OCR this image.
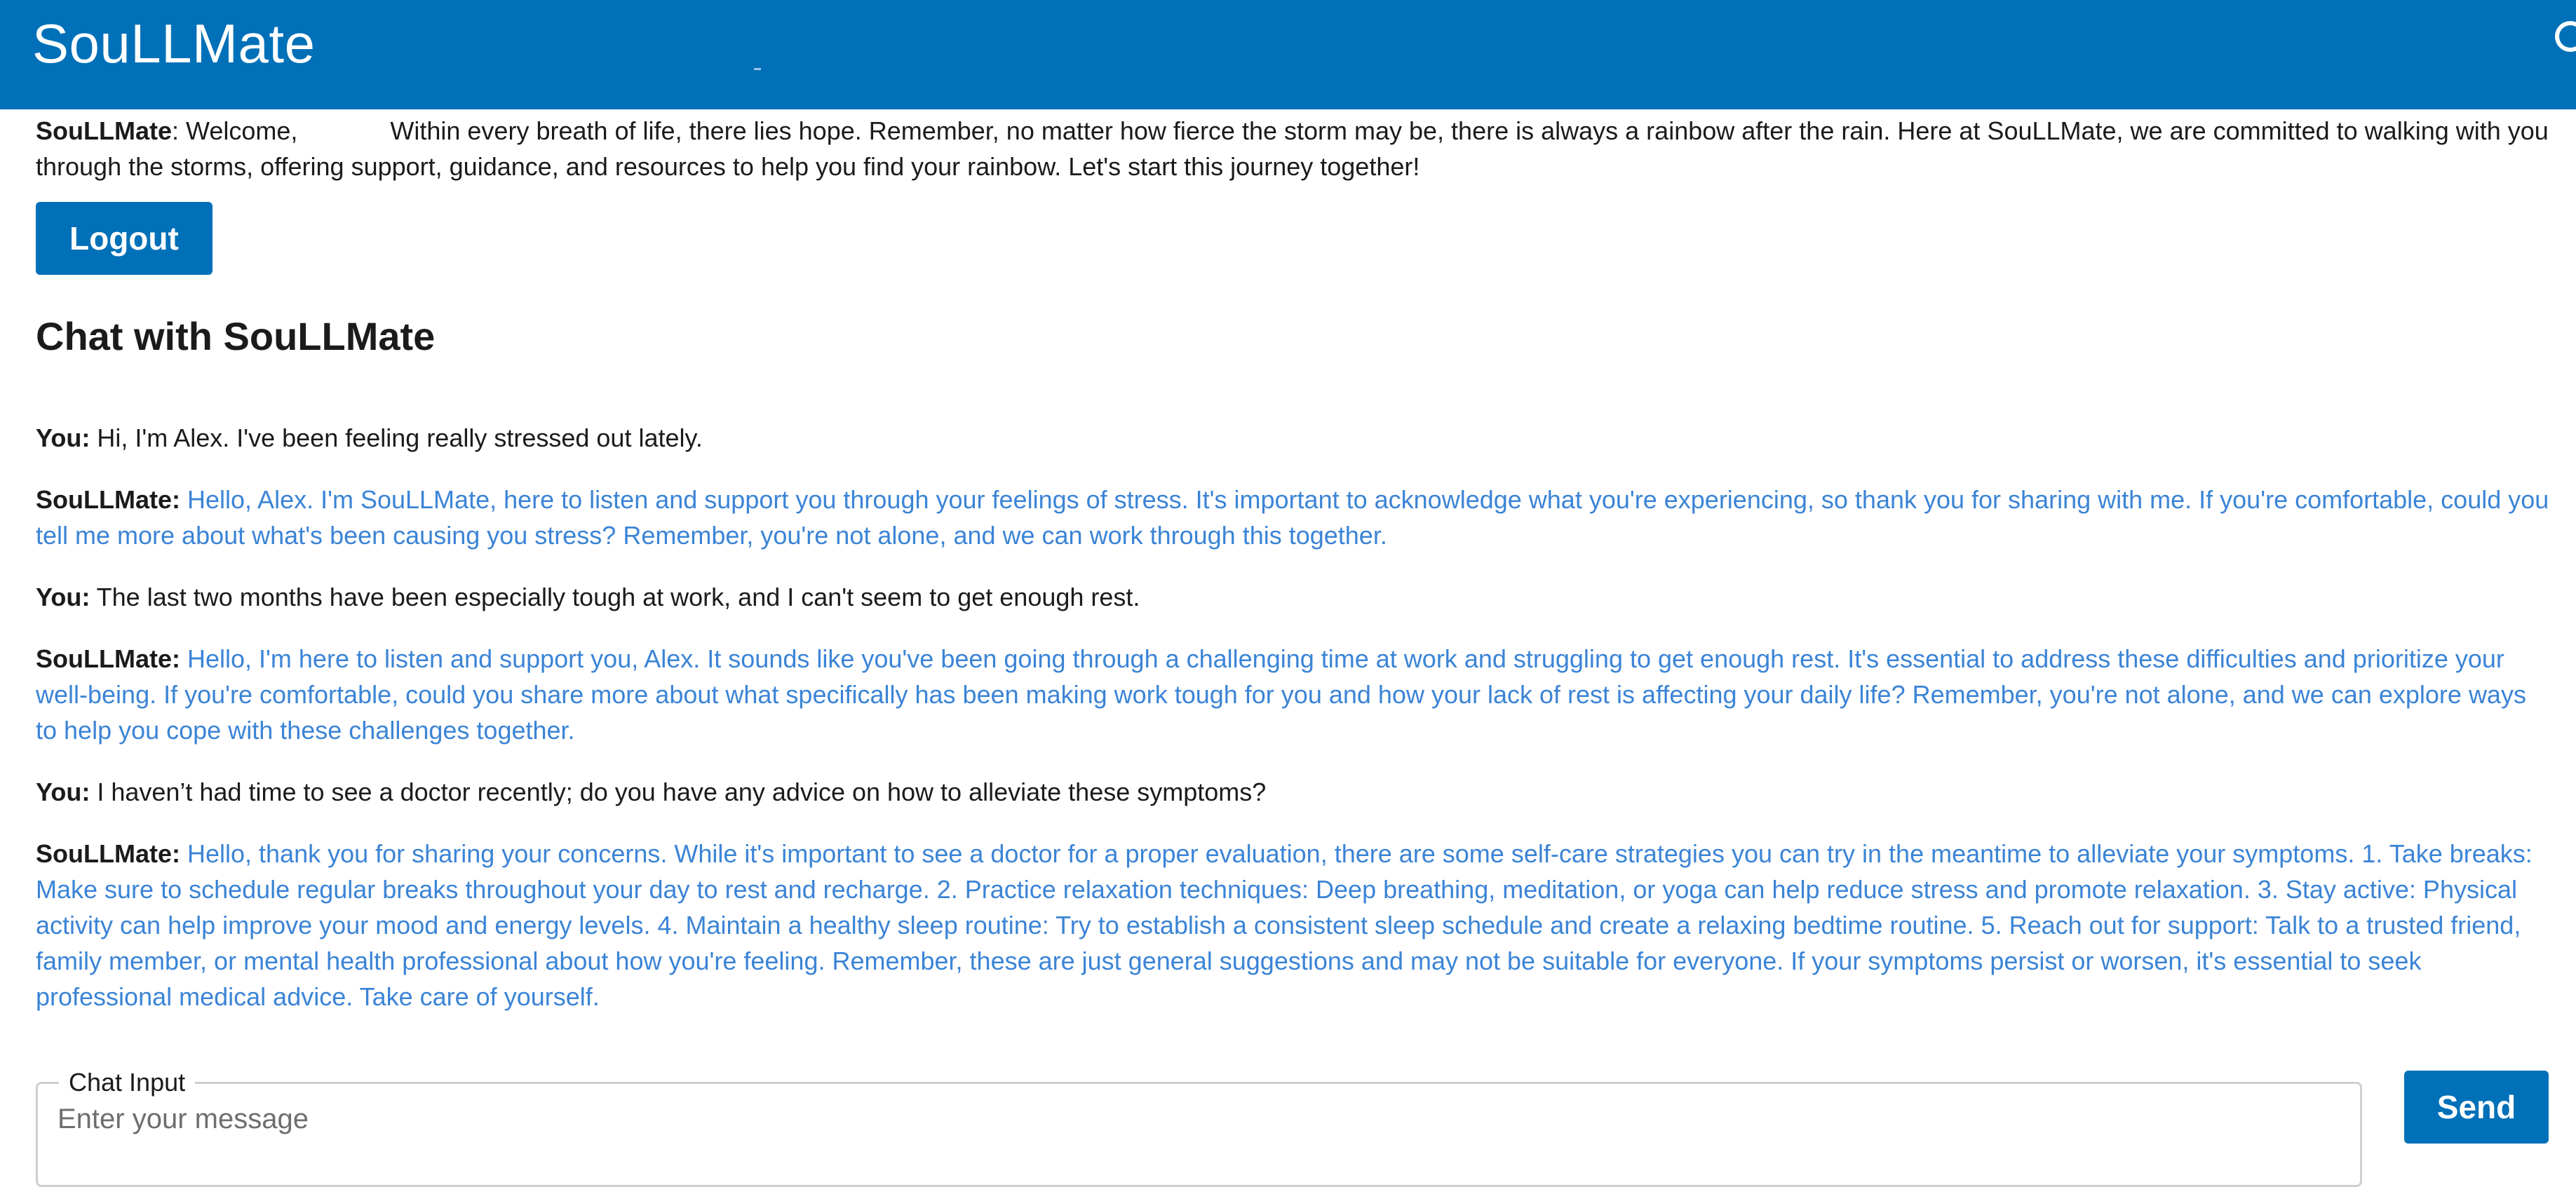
SouLLMate

SouLLMate: Welcome,	Within every breath of life, there lies hope. Remember, no matter how fierce the storm may be, there is always a rainbow after the rain. Here at SouLLMate, we are committed to walking with you through the storms, offering support, guidance, and resources to help you find your rainbow. Let's start this journey together!

Logout
Chat with SouLLMate

You: Hi, I'm Alex. I've been feeling really stressed out lately.

SouLLMate: Hello, Alex. I'm SouLLMate, here to listen and support you through your feelings of stress. It's important to acknowledge what you're experiencing, so thank you for sharing with me. If you're comfortable, could you tell me more about what's been causing you stress? Remember, you're not alone, and we can work through this together.

You: The last two months have been especially tough at work, and I can't seem to get enough rest.

SouLLMate: Hello, I'm here to listen and support you, Alex. It sounds like you've been going through a challenging time at work and struggling to get enough rest. It's essential to address these difficulties and prioritize your well-being. If you're comfortable, could you share more about what specifically has been making work tough for you and how your lack of rest is affecting your daily life? Remember, you're not alone, and we can explore ways to help you cope with these challenges together.

You: I haven’t had time to see a doctor recently; do you have any advice on how to alleviate these symptoms?

SouLLMate: Hello, thank you for sharing your concerns. While it's important to see a doctor for a proper evaluation, there are some self-care strategies you can try in the meantime to alleviate your symptoms. 1. Take breaks: Make sure to schedule regular breaks throughout your day to rest and recharge. 2. Practice relaxation techniques: Deep breathing, meditation, or yoga can help reduce stress and promote relaxation. 3. Stay active: Physical activity can help improve your mood and energy levels. 4. Maintain a healthy sleep routine: Try to establish a consistent sleep schedule and create a relaxing bedtime routine. 5. Reach out for support: Talk to a trusted friend, family member, or mental health professional about how you're feeling. Remember, these are just general suggestions and may not be suitable for everyone. If your symptoms persist or worsen, it's essential to seek professional medical advice. Take care of yourself.

Chat Input
Enter your message
Send
